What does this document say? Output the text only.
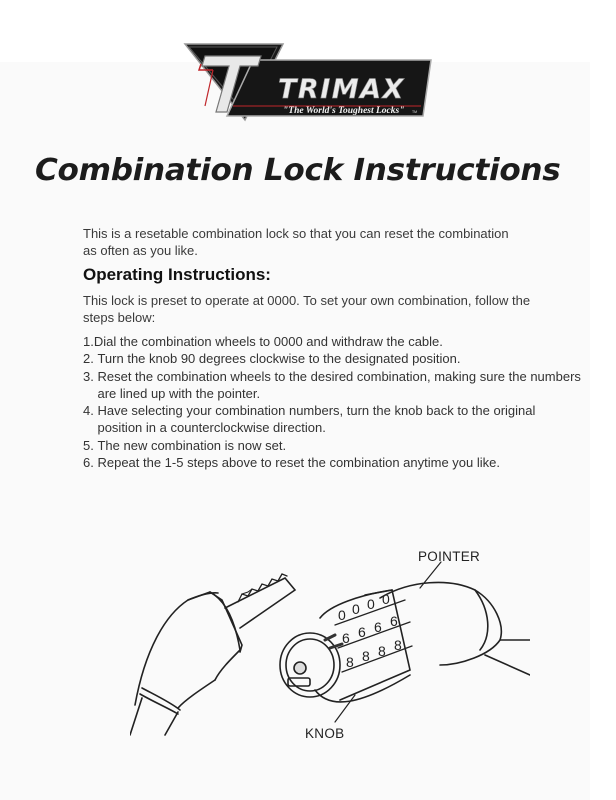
TRIMAX
"The World's Toughest Locks" TM
Combination Lock Instructions
This is a resetable combination lock so that you can reset the combination as often as you like.
Operating Instructions:
This lock is preset to operate at 0000. To set your own combination, follow the steps below:
1. Dial the combination wheels to 0000 and withdraw the cable.
2. Turn the knob 90 degrees clockwise to the designated position.
3. Reset the combination wheels to the desired combination, making sure the numbers are lined up with the pointer.
4. Have selecting your combination numbers, turn the knob back to the original position in a counterclockwise direction.
5. The new combination is now set.
6. Repeat the 1-5 steps above to reset the combination anytime you like.
0 0 0 0
6 6 6 6
8 8 8 8
POINTER
KNOB
